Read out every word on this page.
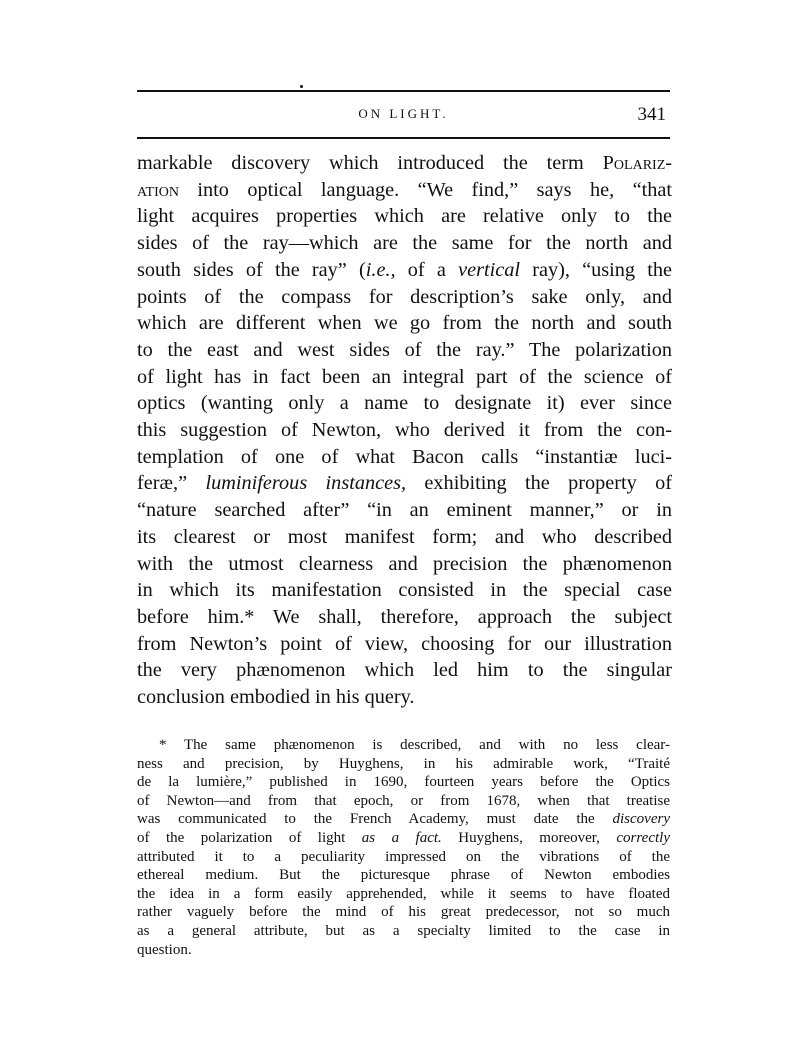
ON LIGHT.	341
markable discovery which introduced the term Polariz-
ation into optical language. “We find,” says he, “that
light acquires properties which are relative only to the
sides of the ray—which are the same for the north and
south sides of the ray” (i.e., of a vertical ray), “using the
points of the compass for description’s sake only, and
which are different when we go from the north and south
to the east and west sides of the ray.” The polarization
of light has in fact been an integral part of the science of
optics (wanting only a name to designate it) ever since
this suggestion of Newton, who derived it from the con-
templation of one of what Bacon calls “instantiæ luci-
feræ,” luminiferous instances, exhibiting the property of
“nature searched after” “in an eminent manner,” or in
its clearest or most manifest form; and who described
with the utmost clearness and precision the phænomenon
in which its manifestation consisted in the special case
before him.* We shall, therefore, approach the subject
from Newton’s point of view, choosing for our illustration
the very phænomenon which led him to the singular
conclusion embodied in his query.
* The same phænomenon is described, and with no less clear-
ness and precision, by Huyghens, in his admirable work, “Traité
de la lumière,” published in 1690, fourteen years before the Optics
of Newton—and from that epoch, or from 1678, when that treatise
was communicated to the French Academy, must date the discovery
of the polarization of light as a fact. Huyghens, moreover, correctly
attributed it to a peculiarity impressed on the vibrations of the
ethereal medium. But the picturesque phrase of Newton embodies
the idea in a form easily apprehended, while it seems to have floated
rather vaguely before the mind of his great predecessor, not so much
as a general attribute, but as a specialty limited to the case in
question.
